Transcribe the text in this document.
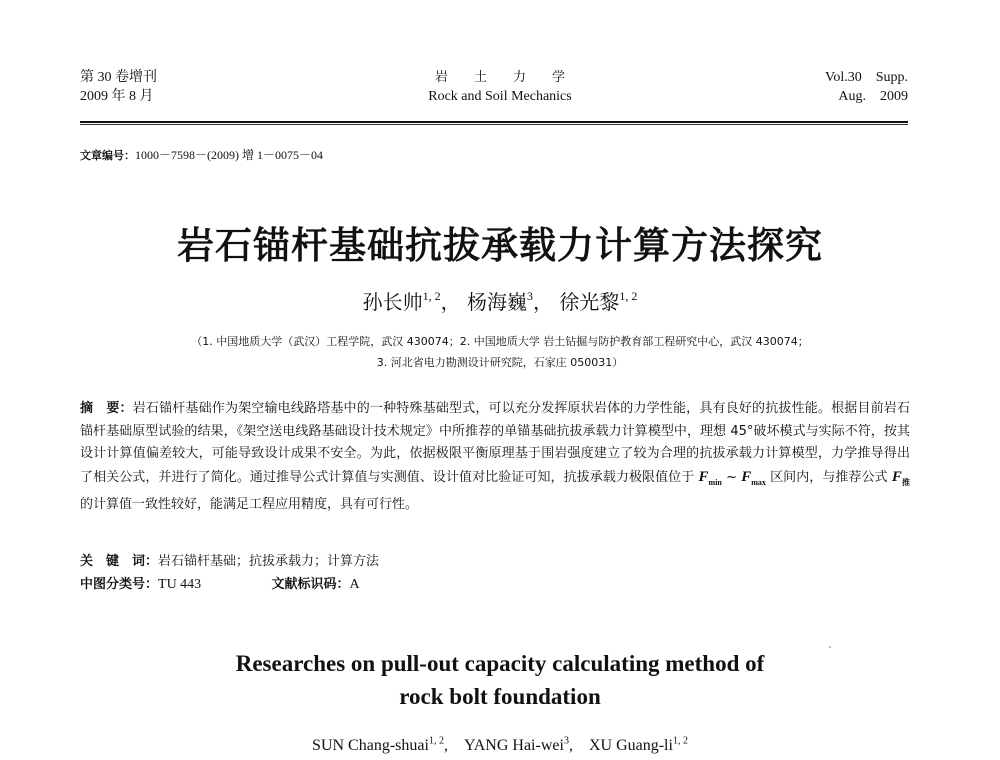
第 30 卷增刊
2009 年 8 月
岩　　土　　力　　学
Rock and Soil Mechanics
Vol.30　Supp.
Aug.　2009
文章编号：1000－7598－(2009) 增 1－0075－04
岩石锚杆基础抗拔承载力计算方法探究
孙长帅$^{1, 2}$， 杨海巍$^3$， 徐光黎$^{1, 2}$
（1. 中国地质大学（武汉）工程学院，武汉 430074；2. 中国地质大学 岩土钻掘与防护教育部工程研究中心，武汉 430074；
3. 河北省电力勘测设计研究院，石家庄 050031）
摘　要：岩石锚杆基础作为架空输电线路塔基中的一种特殊基础型式，可以充分发挥原状岩体的力学性能，具有良好的抗拔性能。根据目前岩石锚杆基础原型试验的结果，《架空送电线路基础设计技术规定》中所推荐的单锚基础抗拔承载力计算模型中，理想 45°破坏模式与实际不符，按其设计计算值偏差较大，可能导致设计成果不安全。为此，依据极限平衡原理基于围岩强度建立了较为合理的抗拔承载力计算模型，力学推导得出了相关公式，并进行了简化。通过推导公式计算值与实测值、设计值对比验证可知，抗拔承载力极限值位于 $F_{min}$ ~ $F_{max}$ 区间内，与推荐公式 $F_推$ 的计算值一致性较好，能满足工程应用精度，具有可行性。
关　键　词：岩石锚杆基础；抗拔承载力；计算方法
中图分类号：TU 443	文献标识码：A
Researches on pull-out capacity calculating method of
rock bolt foundation
SUN Chang-shuai$^{1, 2}$,　YANG Hai-wei$^3$,　XU Guang-li$^{1, 2}$
